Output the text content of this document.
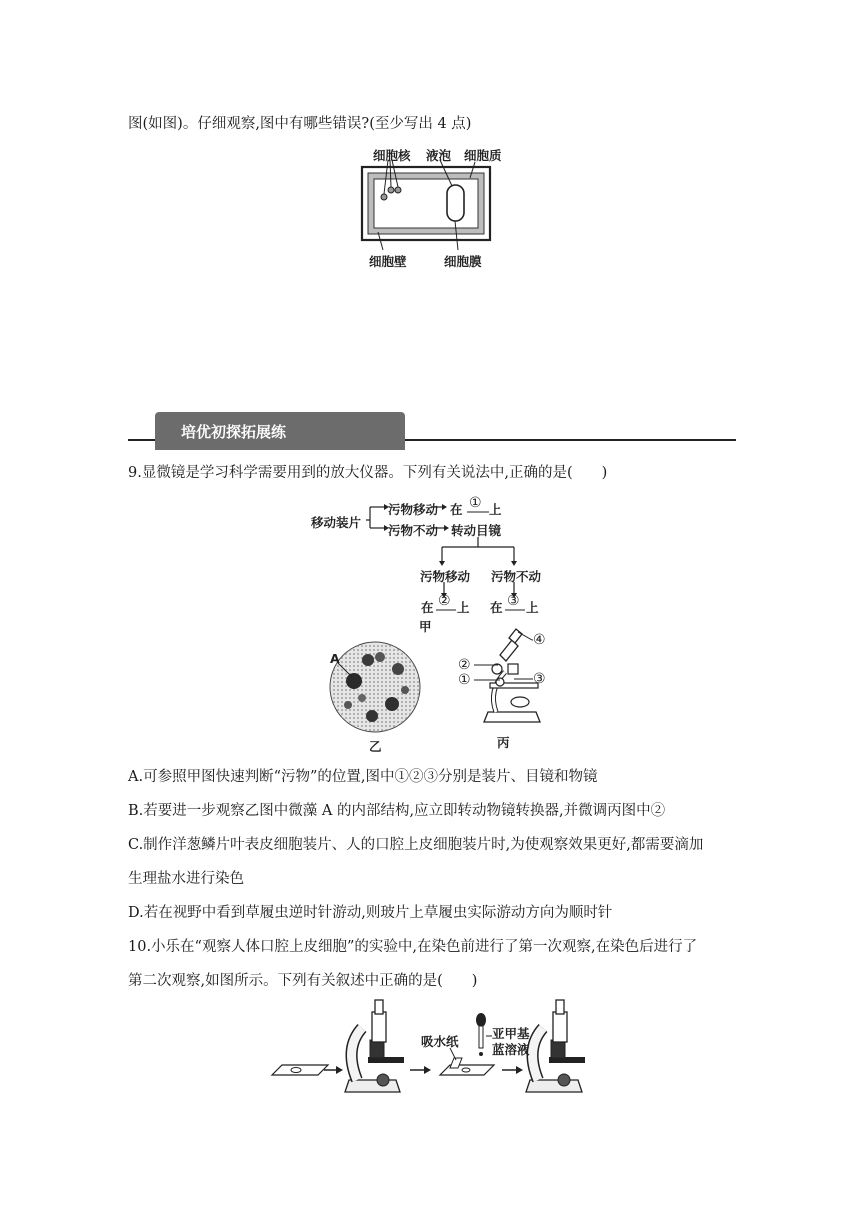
图(如图)。仔细观察,图中有哪些错误?(至少写出 4 点)
细胞核 液泡 细胞质
细胞壁	细胞膜
培优初探拓展练
9.显微镜是学习科学需要用到的放大仪器。下列有关说法中,正确的是(　　)
移动装片
污物移动 在 ① 上
污物不动 转动目镜
污物移动 污物不动
在 ② 上 在 ③ 上
甲
A
乙
④
②
①	③
丙
A.可参照甲图快速判断“污物”的位置,图中①②③分别是装片、目镜和物镜
B.若要进一步观察乙图中微藻 A 的内部结构,应立即转动物镜转换器,并微调丙图中②
C.制作洋葱鳞片叶表皮细胞装片、人的口腔上皮细胞装片时,为使观察效果更好,都需要滴加
生理盐水进行染色
D.若在视野中看到草履虫逆时针游动,则玻片上草履虫实际游动方向为顺时针
10.小乐在“观察人体口腔上皮细胞”的实验中,在染色前进行了第一次观察,在染色后进行了
第二次观察,如图所示。下列有关叙述中正确的是(　　)
吸水纸
亚甲基
蓝溶液
